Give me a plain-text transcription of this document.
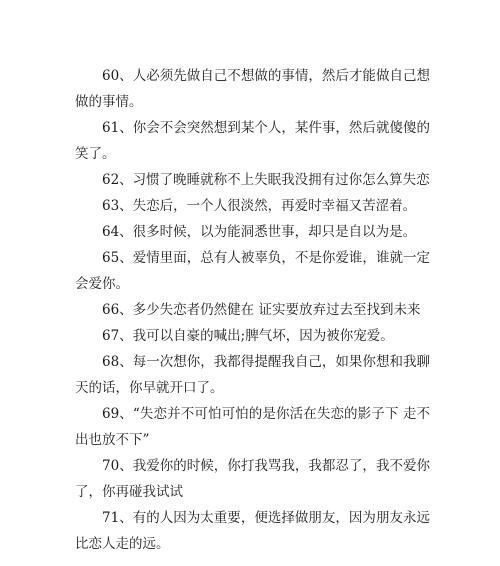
60、人必须先做自己不想做的事情，然后才能做自己想做的事情。

61、你会不会突然想到某个人，某件事，然后就傻傻的笑了。

62、习惯了晚睡就称不上失眠我没拥有过你怎么算失恋

63、失恋后，一个人很淡然，再爱时幸福又苦涩着。

64、很多时候，以为能洞悉世事，却只是自以为是。

65、爱情里面，总有人被辜负，不是你爱谁，谁就一定会爱你。

66、多少失恋者仍然健在 证实要放弃过去至找到未来

67、我可以自豪的喊出;脾气坏，因为被你宠爱。

68、每一次想你，我都得提醒我自己，如果你想和我聊天的话，你早就开口了。

69、“失恋并不可怕可怕的是你活在失恋的影子下 走不出也放不下”

70、我爱你的时候，你打我骂我，我都忍了，我不爱你了，你再碰我试试

71、有的人因为太重要，便选择做朋友，因为朋友永远比恋人走的远。
